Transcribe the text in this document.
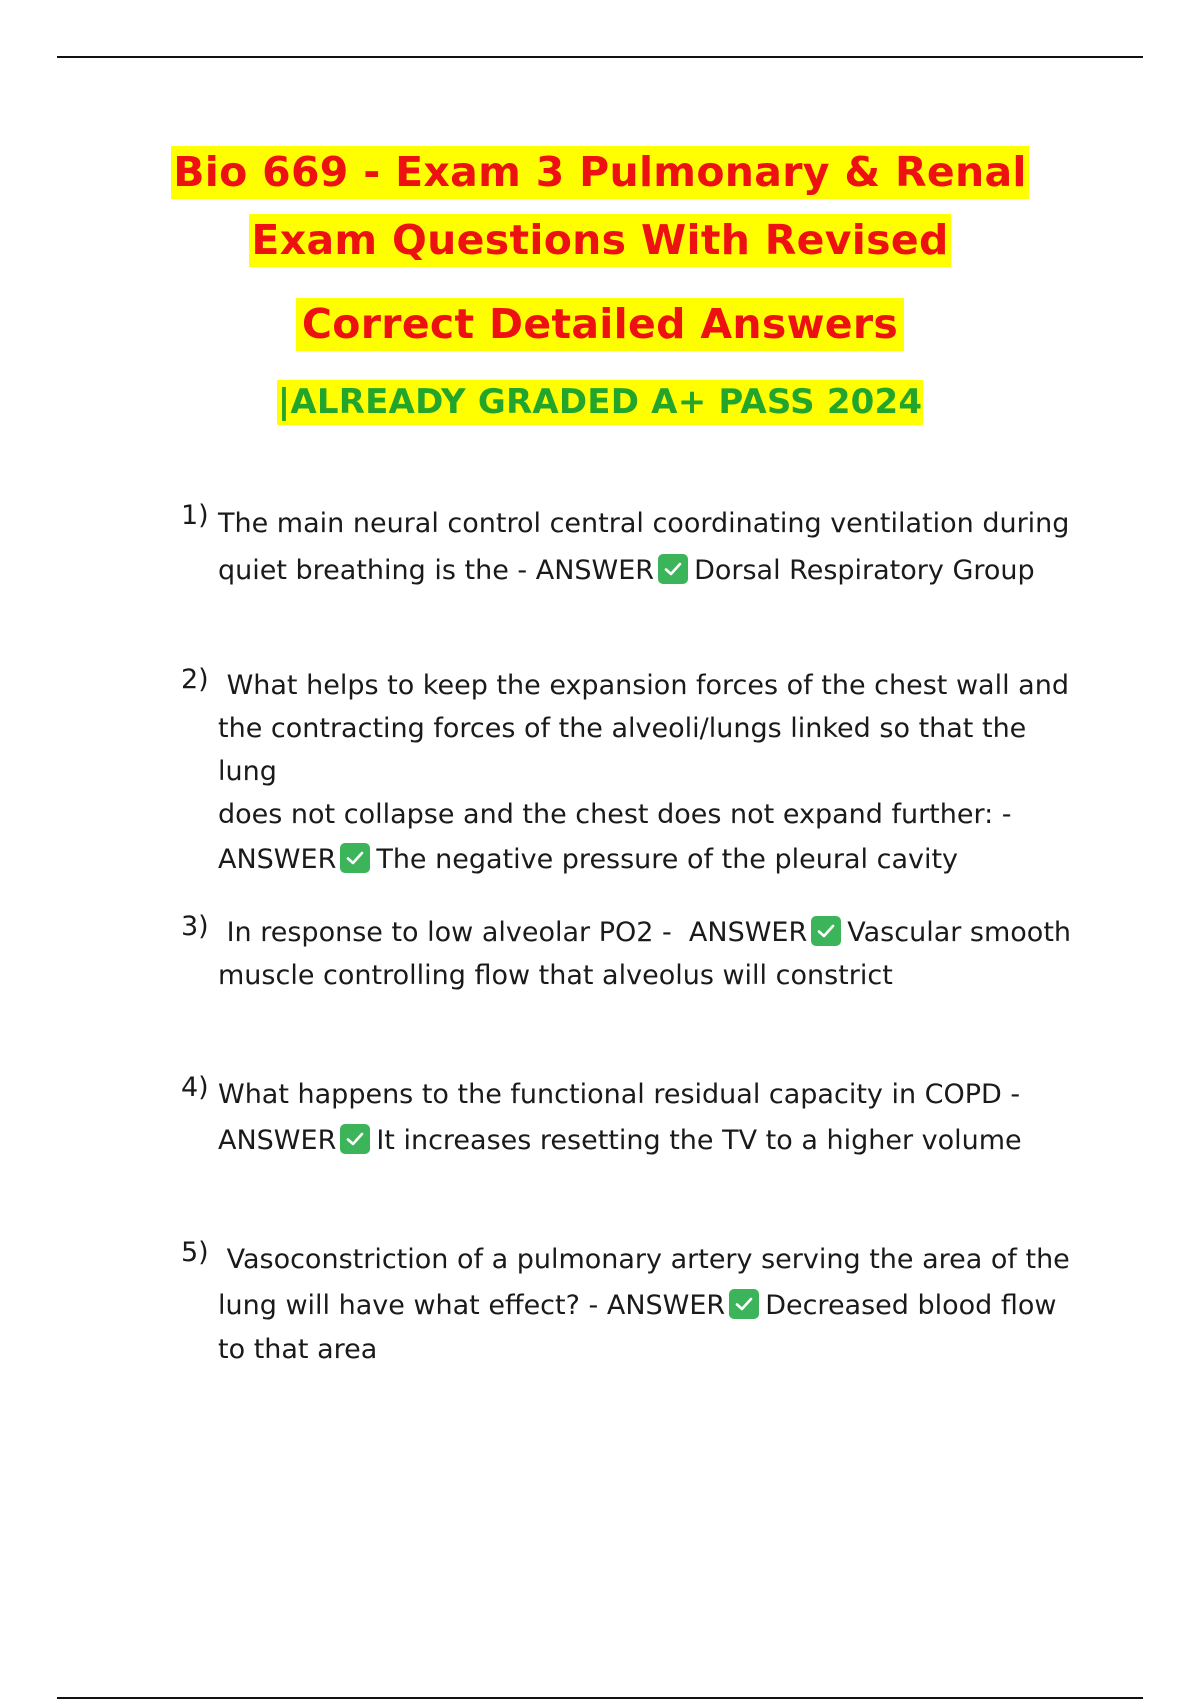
Bio 669 - Exam 3 Pulmonary & Renal
Exam Questions With Revised
Correct Detailed Answers
|ALREADY GRADED A+ PASS 2024
1) The main neural control central coordinating ventilation during
quiet breathing is the - ANSWER Dorsal Respiratory Group
2) What helps to keep the expansion forces of the chest wall and
the contracting forces of the alveoli/lungs linked so that the lung
does not collapse and the chest does not expand further: -
ANSWER The negative pressure of the pleural cavity
3) In response to low alveolar PO2 -  ANSWER Vascular smooth
muscle controlling flow that alveolus will constrict
4) What happens to the functional residual capacity in COPD -
ANSWER It increases resetting the TV to a higher volume
5) Vasoconstriction of a pulmonary artery serving the area of the
lung will have what effect? - ANSWER Decreased blood flow
to that area
